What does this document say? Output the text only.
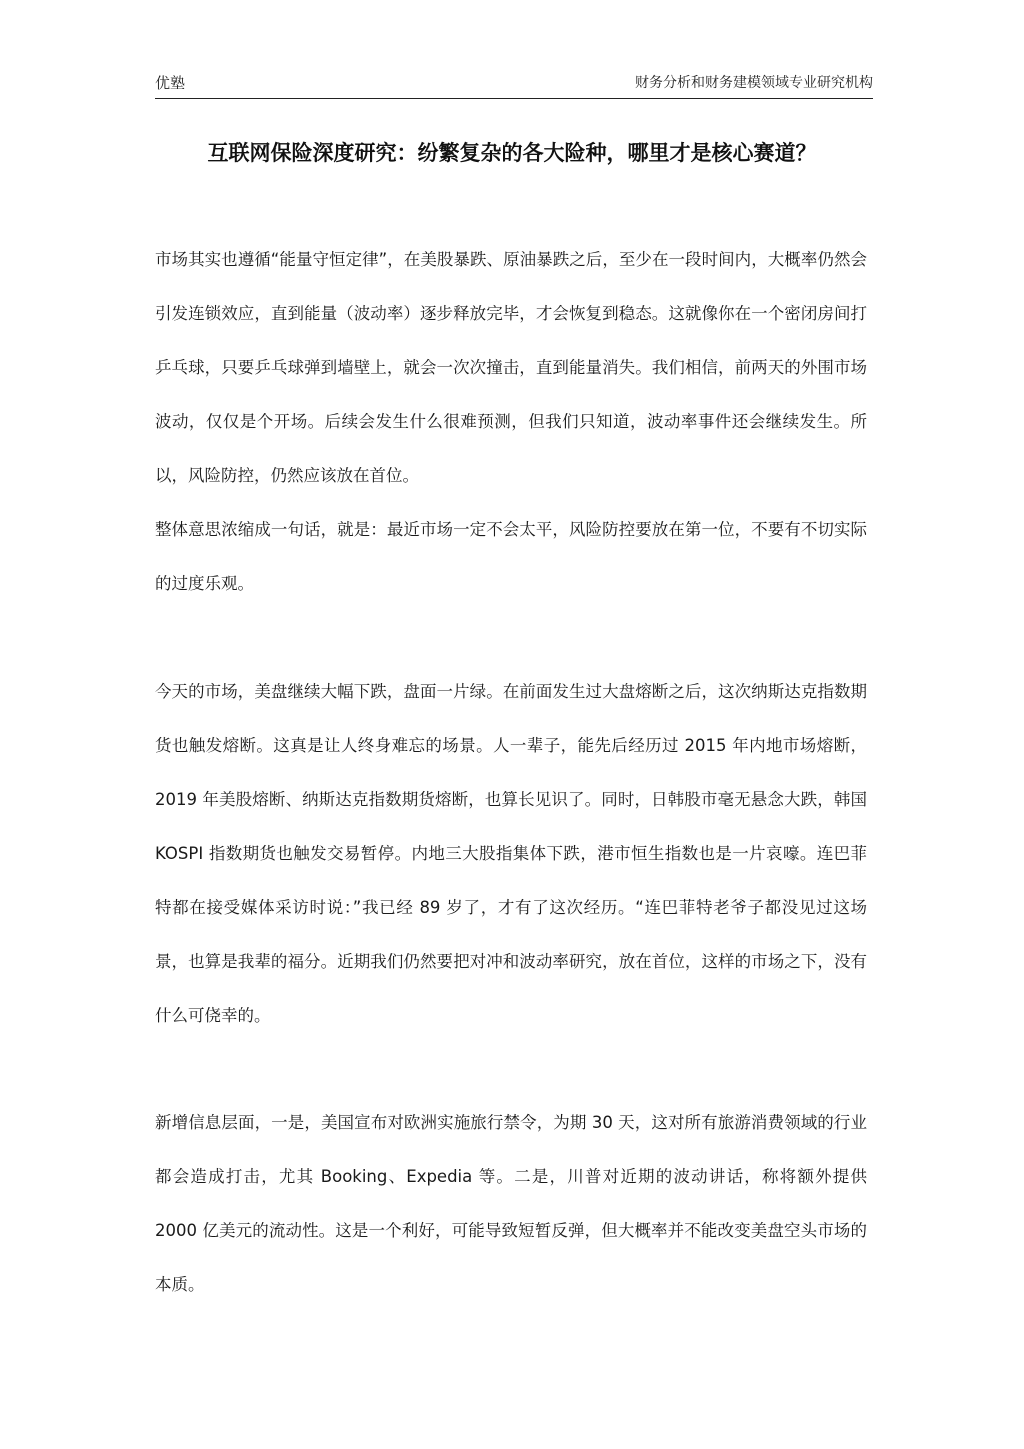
优塾	财务分析和财务建模领域专业研究机构
互联网保险深度研究：纷繁复杂的各大险种，哪里才是核心赛道？

市场其实也遵循“能量守恒定律”，在美股暴跌、原油暴跌之后，至少在一段时间内，大概率仍然会引发连锁效应，直到能量（波动率）逐步释放完毕，才会恢复到稳态。这就像你在一个密闭房间打乒乓球，只要乒乓球弹到墙壁上，就会一次次撞击，直到能量消失。我们相信，前两天的外围市场波动，仅仅是个开场。后续会发生什么很难预测，但我们只知道，波动率事件还会继续发生。所以，风险防控，仍然应该放在首位。

整体意思浓缩成一句话，就是：最近市场一定不会太平，风险防控要放在第一位，不要有不切实际的过度乐观。

今天的市场，美盘继续大幅下跌，盘面一片绿。在前面发生过大盘熔断之后，这次纳斯达克指数期货也触发熔断。这真是让人终身难忘的场景。人一辈子，能先后经历过 2015 年内地市场熔断，2019 年美股熔断、纳斯达克指数期货熔断，也算长见识了。同时，日韩股市毫无悬念大跌，韩国 KOSPI 指数期货也触发交易暂停。内地三大股指集体下跌，港市恒生指数也是一片哀嚎。连巴菲特都在接受媒体采访时说：”我已经 89 岁了，才有了这次经历。“连巴菲特老爷子都没见过这场景，也算是我辈的福分。近期我们仍然要把对冲和波动率研究，放在首位，这样的市场之下，没有什么可侥幸的。

新增信息层面，一是，美国宣布对欧洲实施旅行禁令，为期 30 天，这对所有旅游消费领域的行业都会造成打击，尤其 Booking、Expedia 等。二是，川普对近期的波动讲话，称将额外提供 2000 亿美元的流动性。这是一个利好，可能导致短暂反弹，但大概率并不能改变美盘空头市场的本质。
